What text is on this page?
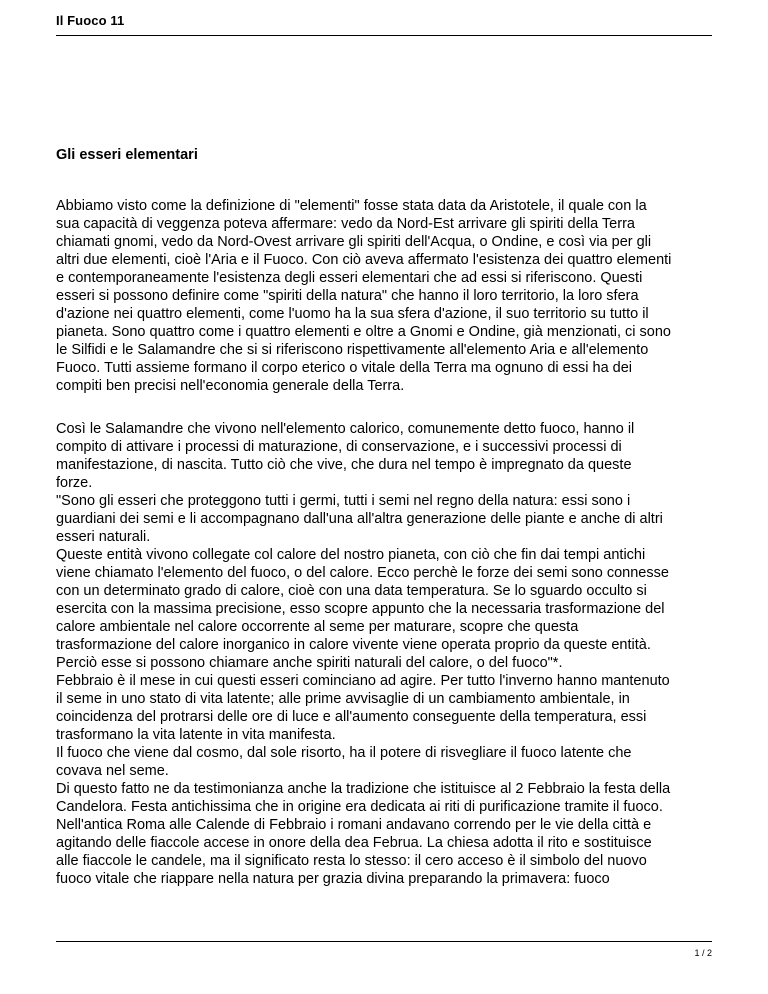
Il Fuoco 11
Gli esseri elementari
Abbiamo visto come la definizione di "elementi" fosse stata data da Aristotele, il quale con la
sua capacità di veggenza poteva affermare: vedo da Nord-Est arrivare gli spiriti della Terra
chiamati gnomi, vedo da Nord-Ovest arrivare gli spiriti dell'Acqua, o Ondine, e così via per gli
altri due elementi, cioè l'Aria e il Fuoco. Con ciò aveva affermato l'esistenza dei quattro elementi
e contemporaneamente l'esistenza degli esseri elementari che ad essi si riferiscono. Questi
esseri si possono definire come "spiriti della natura" che hanno il loro territorio, la loro sfera
d'azione nei quattro elementi, come l'uomo ha la sua sfera d'azione, il suo territorio su tutto il
pianeta. Sono quattro come i quattro elementi e oltre a Gnomi e Ondine, già menzionati, ci sono
le Silfidi e le Salamandre che si si riferiscono rispettivamente all'elemento Aria e all'elemento
Fuoco. Tutti assieme formano il corpo eterico o vitale della Terra ma ognuno di essi ha dei
compiti ben precisi nell'economia generale della Terra.
Così le Salamandre che vivono nell'elemento calorico, comunemente detto fuoco, hanno il
compito di attivare i processi di maturazione, di conservazione, e i successivi processi di
manifestazione, di nascita. Tutto ciò che vive, che dura nel tempo è impregnato da queste
forze.
"Sono gli esseri che proteggono tutti i germi, tutti i semi nel regno della natura: essi sono i
guardiani dei semi e li accompagnano dall'una all'altra generazione delle piante e anche di altri
esseri naturali.
Queste entità vivono collegate col calore del nostro pianeta, con ciò che fin dai tempi antichi
viene chiamato l'elemento del fuoco, o del calore. Ecco perchè le forze dei semi sono connesse
con un determinato grado di calore, cioè con una data temperatura. Se lo sguardo occulto si
esercita con la massima precisione, esso scopre appunto che la necessaria trasformazione del
calore ambientale nel calore occorrente al seme per maturare, scopre che questa
trasformazione del calore inorganico in calore vivente viene operata proprio da queste entità.
Perciò esse si possono chiamare anche spiriti naturali del calore, o del fuoco"*.
Febbraio è il mese in cui questi esseri cominciano ad agire. Per tutto l'inverno hanno mantenuto
il seme in uno stato di vita latente; alle prime avvisaglie di un cambiamento ambientale, in
coincidenza del protrarsi delle ore di luce e all'aumento conseguente della temperatura, essi
trasformano la vita latente in vita manifesta.
Il fuoco che viene dal cosmo, dal sole risorto, ha il potere di risvegliare il fuoco latente che
covava nel seme.
Di questo fatto ne da testimonianza anche la tradizione che istituisce al 2 Febbraio la festa della
Candelora. Festa antichissima che in origine era dedicata ai riti di purificazione tramite il fuoco.
Nell'antica Roma alle Calende di Febbraio i romani andavano correndo per le vie della città e
agitando delle fiaccole accese in onore della dea Februa. La chiesa adotta il rito e sostituisce
alle fiaccole le candele, ma il significato resta lo stesso: il cero acceso è il simbolo del nuovo
fuoco vitale che riappare nella natura per grazia divina preparando la primavera: fuoco
1 / 2
